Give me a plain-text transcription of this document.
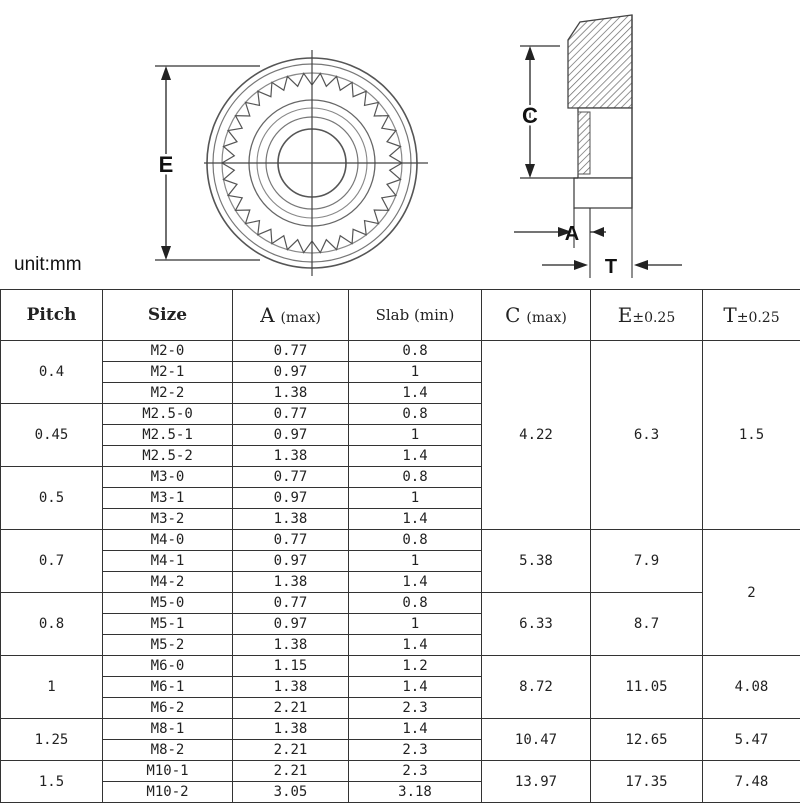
E
C
A
T
unit:mm
Pitch	Size	A (max)	Slab (min)	C (max)	E±0.25	T±0.25
0.4	M2-0	0.77	0.8	4.22	6.3	1.5
	M2-1	0.97	1			
	M2-2	1.38	1.4			
0.45	M2.5-0	0.77	0.8			
	M2.5-1	0.97	1			
	M2.5-2	1.38	1.4			
0.5	M3-0	0.77	0.8			
	M3-1	0.97	1			
	M3-2	1.38	1.4			
0.7	M4-0	0.77	0.8	5.38	7.9	2
	M4-1	0.97	1			
	M4-2	1.38	1.4			
0.8	M5-0	0.77	0.8	6.33	8.7	
	M5-1	0.97	1			
	M5-2	1.38	1.4			
1	M6-0	1.15	1.2	8.72	11.05	4.08
	M6-1	1.38	1.4			
	M6-2	2.21	2.3			
1.25	M8-1	1.38	1.4	10.47	12.65	5.47
	M8-2	2.21	2.3			
1.5	M10-1	2.21	2.3	13.97	17.35	7.48
	M10-2	3.05	3.18			
